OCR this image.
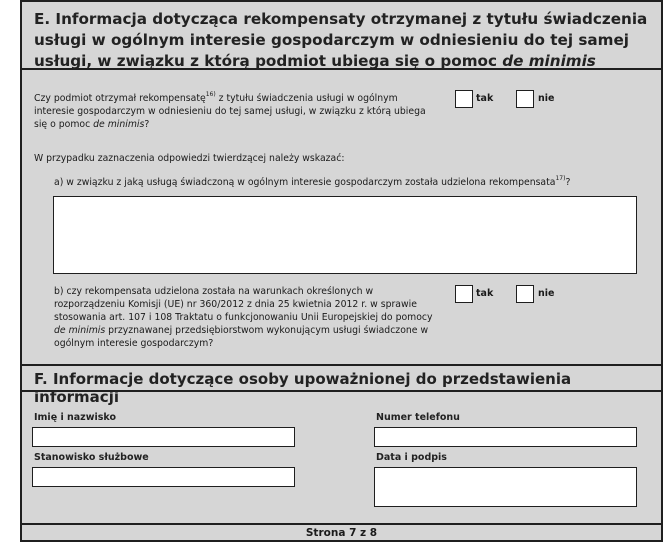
E. Informacja dotycząca rekompensaty otrzymanej z tytułu świadczenia usługi w ogólnym interesie gospodarczym w odniesieniu do tej samej usługi, w związku z którą podmiot ubiega się o pomoc de minimis
Czy podmiot otrzymał rekompensatę$^{16)}$ z tytułu świadczenia usługi w ogólnym interesie gospodarczym w odniesieniu do tej samej usługi, w związku z którą ubiega się o pomoc de minimis?
tak	nie
W przypadku zaznaczenia odpowiedzi twierdzącej należy wskazać:
a) w związku z jaką usługą świadczoną w ogólnym interesie gospodarczym została udzielona rekompensata$^{17)}$?
b) czy rekompensata udzielona została na warunkach określonych w rozporządzeniu Komisji (UE) nr 360/2012 z dnia 25 kwietnia 2012 r. w sprawie stosowania art. 107 i 108 Traktatu o funkcjonowaniu Unii Europejskiej do pomocy de minimis przyznawanej przedsiębiorstwom wykonującym usługi świadczone w ogólnym interesie gospodarczym?
tak	nie
F. Informacje dotyczące osoby upoważnionej do przedstawienia informacji
Imię i nazwisko	Numer telefonu
Stanowisko służbowe	Data i podpis
Strona 7 z 8
